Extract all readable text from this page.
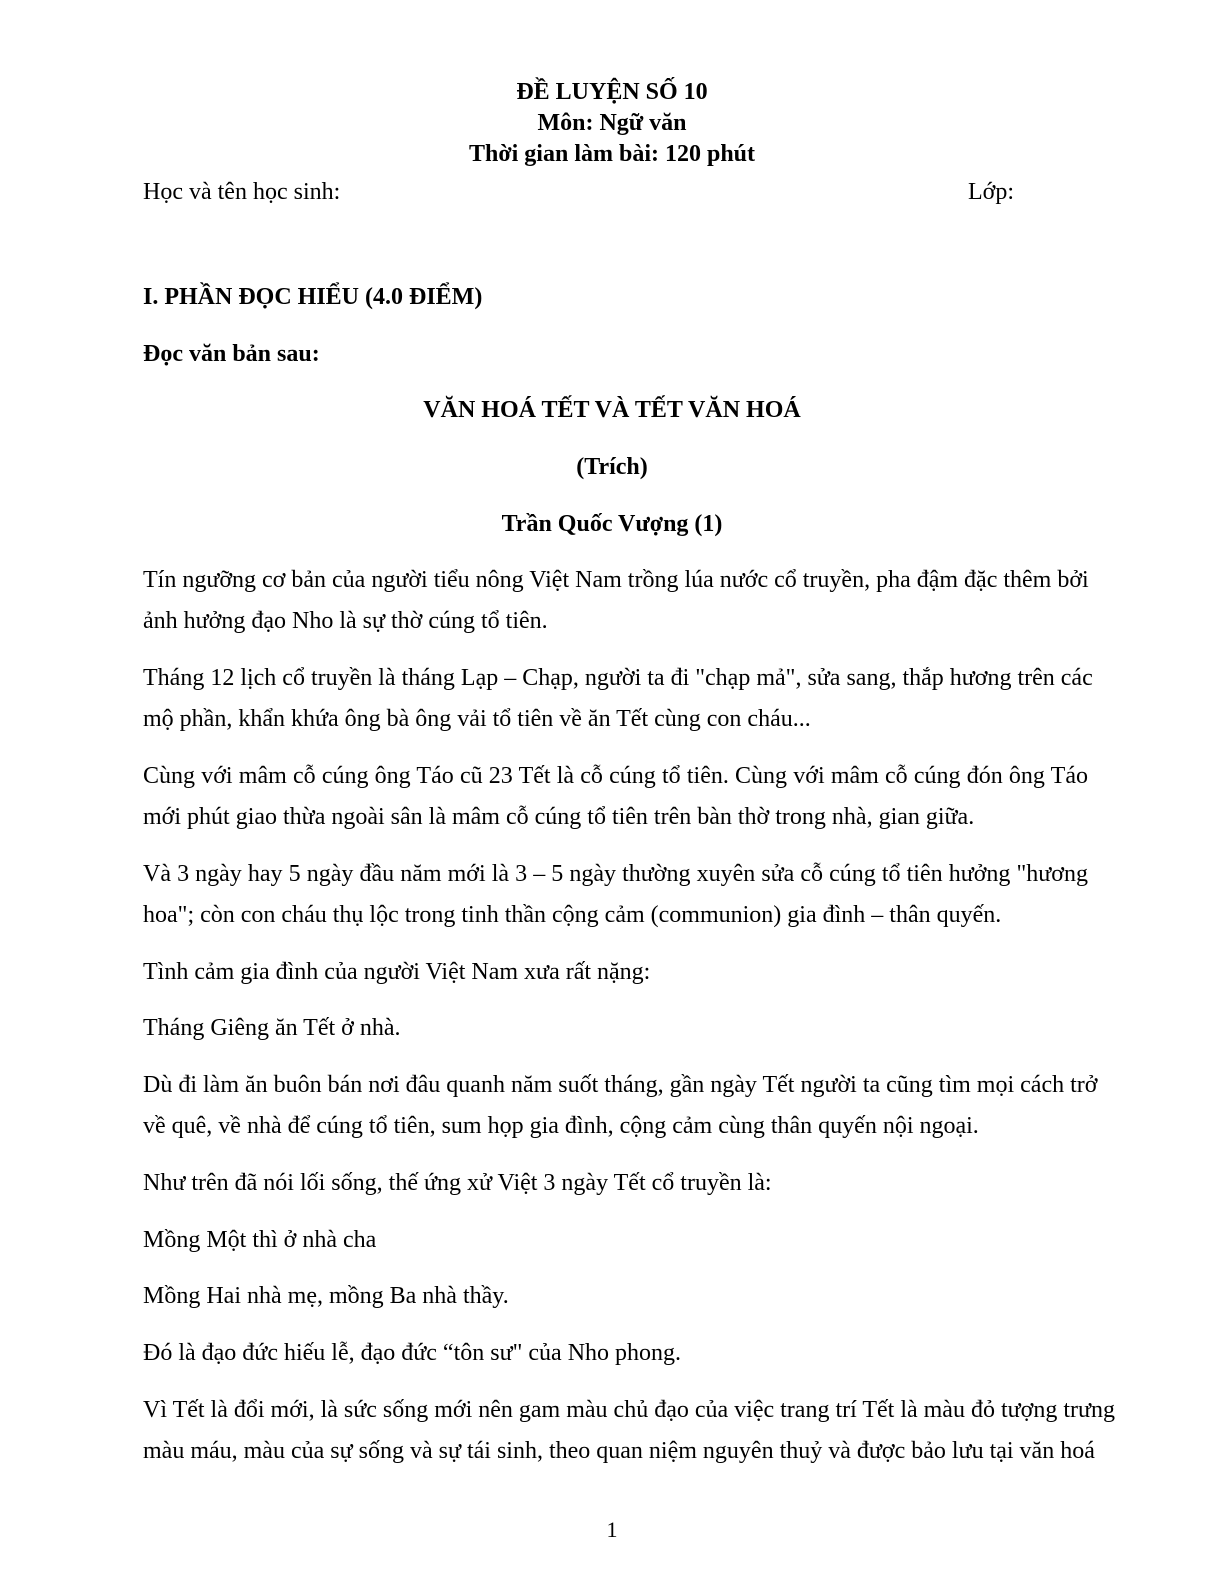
ĐỀ LUYỆN SỐ 10
Môn: Ngữ văn
Thời gian làm bài: 120 phút
Học và tên học sinh:	Lớp:
I. PHẦN ĐỌC HIỂU (4.0 ĐIỂM)
Đọc văn bản sau:
VĂN HOÁ TẾT VÀ TẾT VĂN HOÁ
(Trích)
Trần Quốc Vượng (1)
Tín ngưỡng cơ bản của người tiểu nông Việt Nam trồng lúa nước cổ truyền, pha đậm đặc thêm bởi
ảnh hưởng đạo Nho là sự thờ cúng tổ tiên.
Tháng 12 lịch cổ truyền là tháng Lạp – Chạp, người ta đi "chạp mả", sửa sang, thắp hương trên các
mộ phần, khẩn khứa ông bà ông vải tổ tiên về ăn Tết cùng con cháu...
Cùng với mâm cỗ cúng ông Táo cũ 23 Tết là cỗ cúng tổ tiên. Cùng với mâm cỗ cúng đón ông Táo
mới phút giao thừa ngoài sân là mâm cỗ cúng tổ tiên trên bàn thờ trong nhà, gian giữa.
Và 3 ngày hay 5 ngày đầu năm mới là 3 – 5 ngày thường xuyên sửa cỗ cúng tổ tiên hưởng "hương
hoa"; còn con cháu thụ lộc trong tinh thần cộng cảm (communion) gia đình – thân quyến.
Tình cảm gia đình của người Việt Nam xưa rất nặng:
Tháng Giêng ăn Tết ở nhà.
Dù đi làm ăn buôn bán nơi đâu quanh năm suốt tháng, gần ngày Tết người ta cũng tìm mọi cách trở
về quê, về nhà để cúng tổ tiên, sum họp gia đình, cộng cảm cùng thân quyến nội ngoại.
Như trên đã nói lối sống, thế ứng xử Việt 3 ngày Tết cổ truyền là:
Mồng Một thì ở nhà cha
Mồng Hai nhà mẹ, mồng Ba nhà thầy.
Đó là đạo đức hiếu lễ, đạo đức “tôn sư" của Nho phong.
Vì Tết là đổi mới, là sức sống mới nên gam màu chủ đạo của việc trang trí Tết là màu đỏ tượng trưng
màu máu, màu của sự sống và sự tái sinh, theo quan niệm nguyên thuỷ và được bảo lưu tại văn hoá
1
